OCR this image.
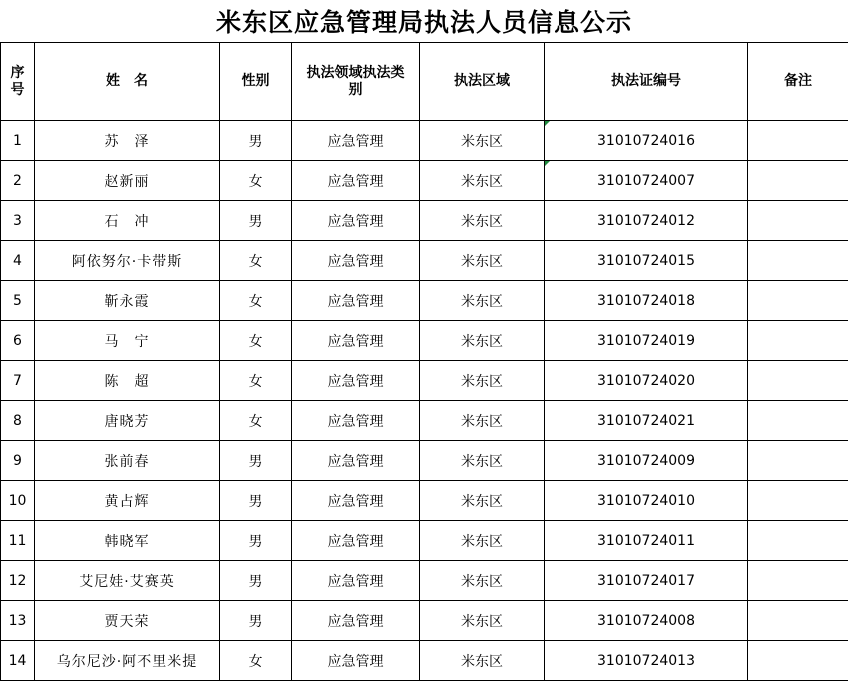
米东区应急管理局执法人员信息公示
序
号	姓　名	性别	执法领域执法类别	执法区域	执法证编号	备注
1	苏　泽	男	应急管理	米东区	31010724016	
2	赵新丽	女	应急管理	米东区	31010724007	
3	石　冲	男	应急管理	米东区	31010724012	
4	阿依努尔·卡带斯	女	应急管理	米东区	31010724015	
5	靳永霞	女	应急管理	米东区	31010724018	
6	马　宁	女	应急管理	米东区	31010724019	
7	陈　超	女	应急管理	米东区	31010724020	
8	唐晓芳	女	应急管理	米东区	31010724021	
9	张前春	男	应急管理	米东区	31010724009	
10	黄占辉	男	应急管理	米东区	31010724010	
11	韩晓军	男	应急管理	米东区	31010724011	
12	艾尼娃·艾赛英	男	应急管理	米东区	31010724017	
13	贾天荣	男	应急管理	米东区	31010724008	
14	乌尔尼沙·阿不里米提	女	应急管理	米东区	31010724013	
